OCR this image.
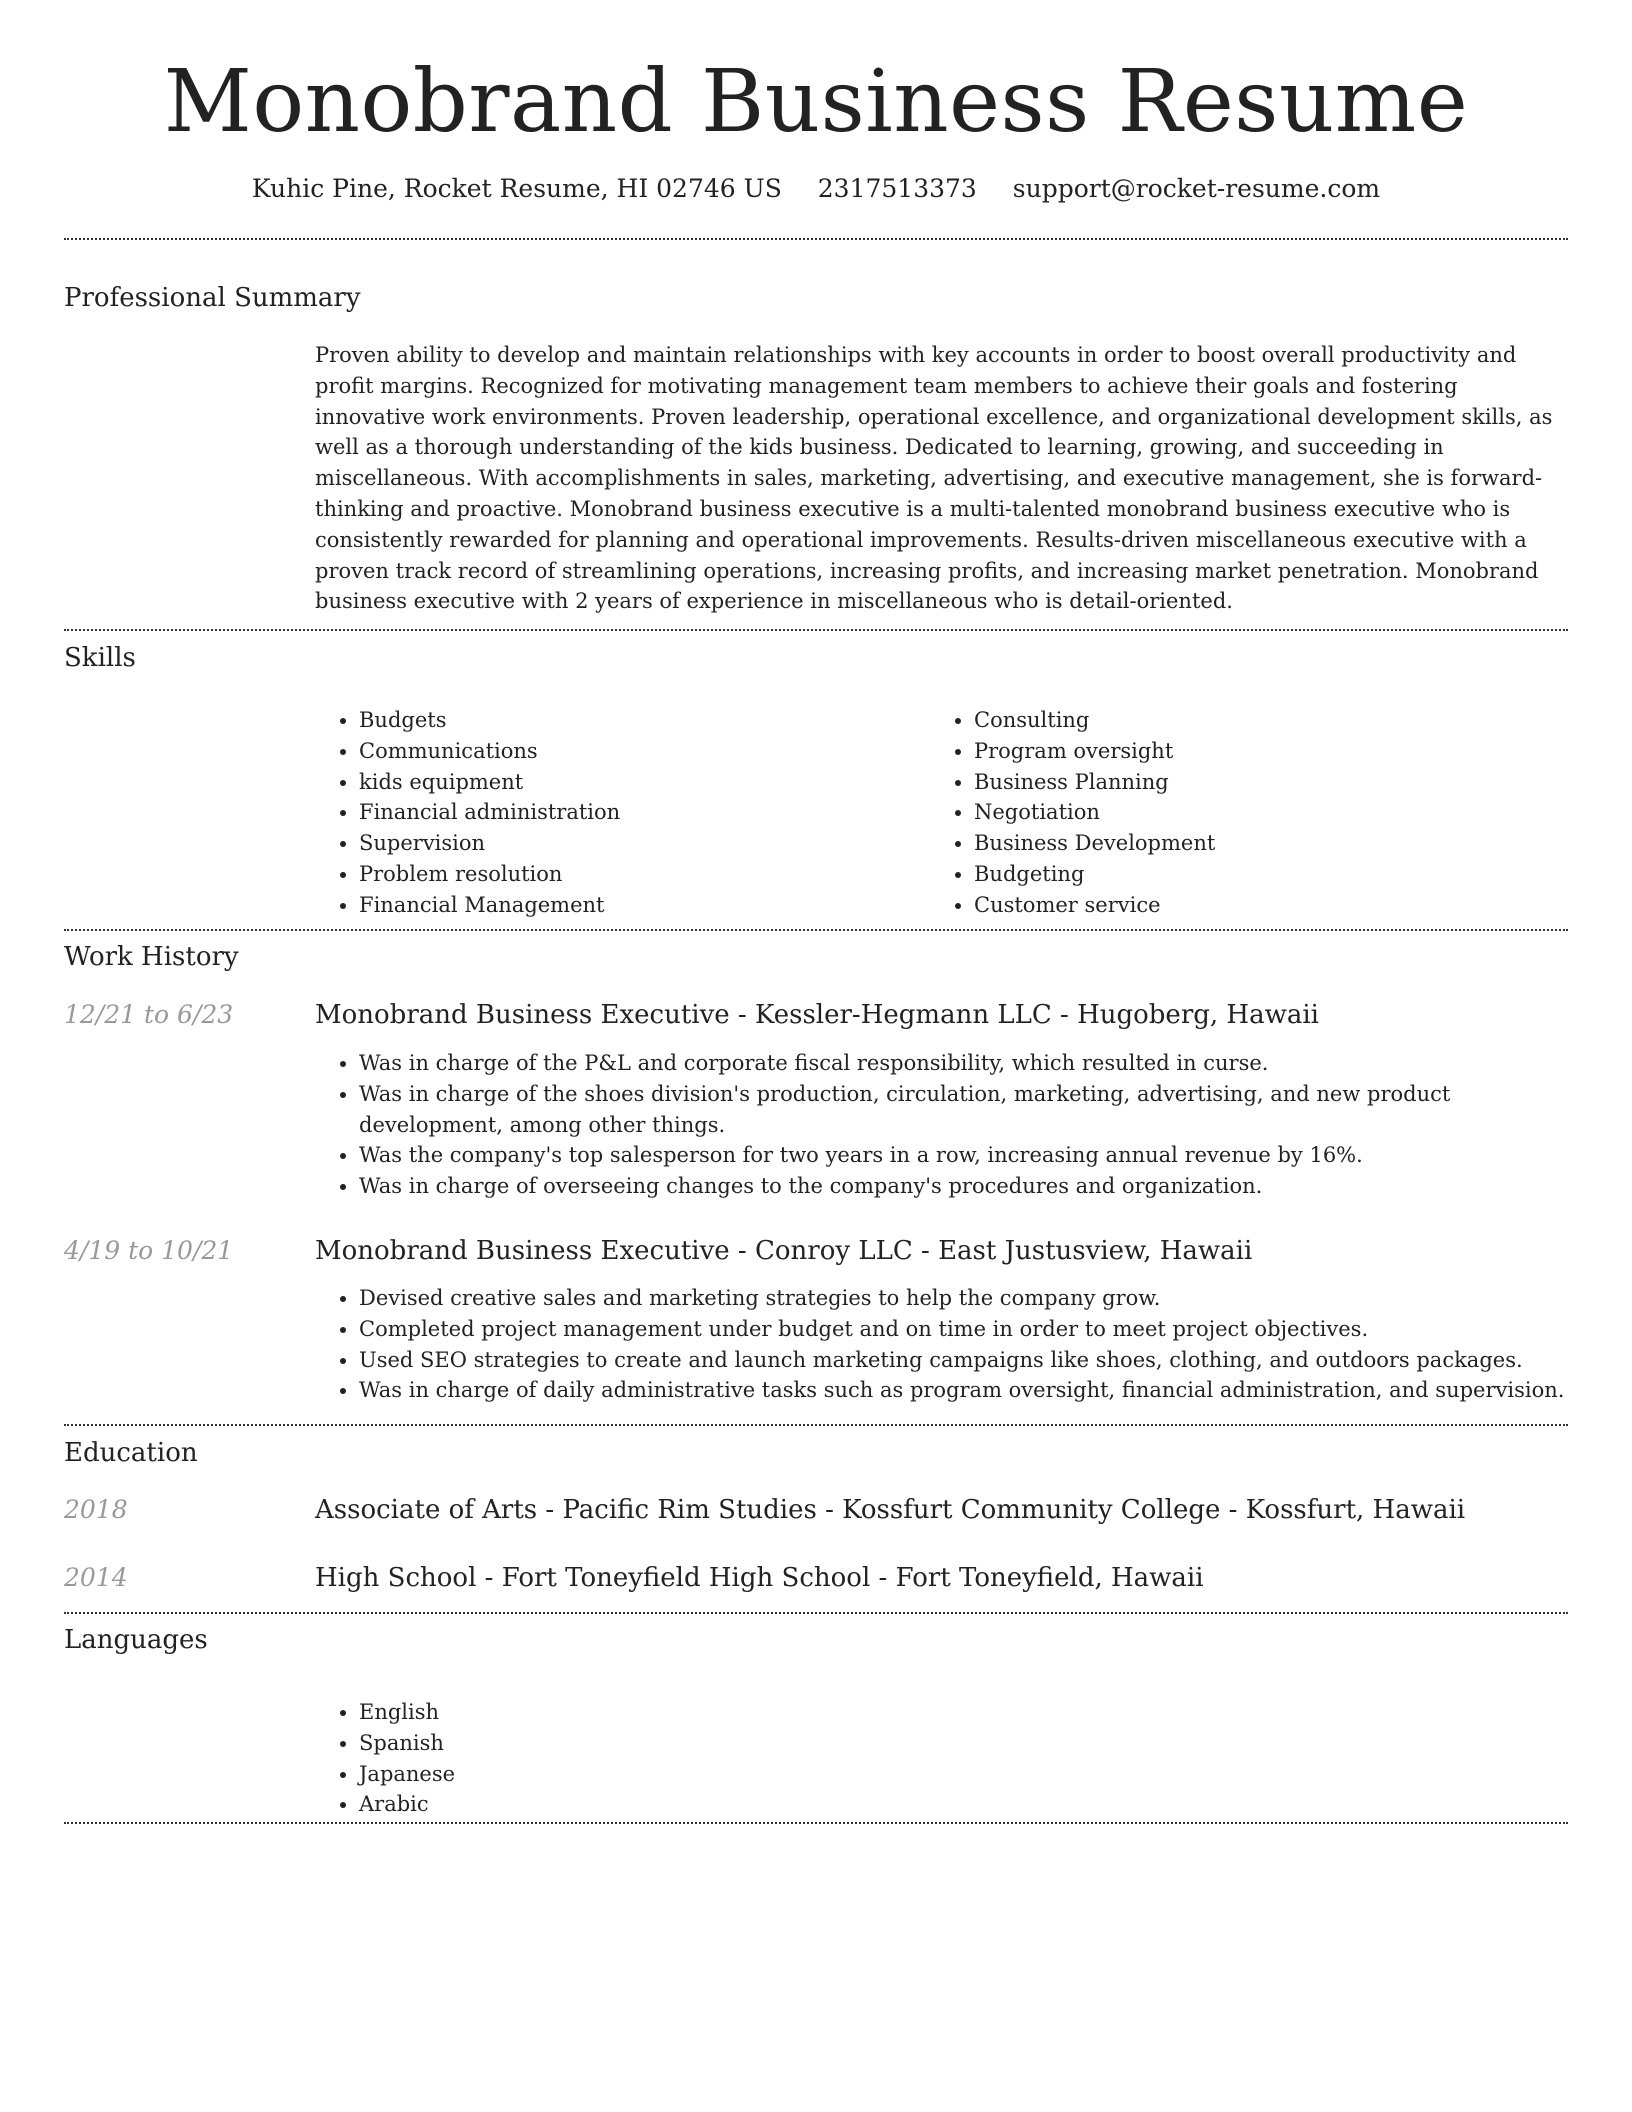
Monobrand Business Resume
Kuhic Pine, Rocket Resume, HI 02746 US 2317513373 support@rocket-resume.com
Professional Summary

Proven ability to develop and maintain relationships with key accounts in order to boost overall productivity and profit margins. Recognized for motivating management team members to achieve their goals and fostering innovative work environments. Proven leadership, operational excellence, and organizational development skills, as well as a thorough understanding of the kids business. Dedicated to learning, growing, and succeeding in miscellaneous. With accomplishments in sales, marketing, advertising, and executive management, she is forward-thinking and proactive. Monobrand business executive is a multi-talented monobrand business executive who is consistently rewarded for planning and operational improvements. Results-driven miscellaneous executive with a proven track record of streamlining operations, increasing profits, and increasing market penetration. Monobrand business executive with 2 years of experience in miscellaneous who is detail-oriented.

Skills
• Budgets
• Communications
• kids equipment
• Financial administration
• Supervision
• Problem resolution
• Financial Management
• Consulting
• Program oversight
• Business Planning
• Negotiation
• Business Development
• Budgeting
• Customer service
Work History
12/21 to 6/23	Monobrand Business Executive - Kessler-Hegmann LLC - Hugoberg, Hawaii
• Was in charge of the P&L and corporate fiscal responsibility, which resulted in curse.
• Was in charge of the shoes division's production, circulation, marketing, advertising, and new product development, among other things.
• Was the company's top salesperson for two years in a row, increasing annual revenue by 16%.
• Was in charge of overseeing changes to the company's procedures and organization.
4/19 to 10/21	Monobrand Business Executive - Conroy LLC - East Justusview, Hawaii
• Devised creative sales and marketing strategies to help the company grow.
• Completed project management under budget and on time in order to meet project objectives.
• Used SEO strategies to create and launch marketing campaigns like shoes, clothing, and outdoors packages.
• Was in charge of daily administrative tasks such as program oversight, financial administration, and supervision.
Education
2018	Associate of Arts - Pacific Rim Studies - Kossfurt Community College - Kossfurt, Hawaii
2014	High School - Fort Toneyfield High School - Fort Toneyfield, Hawaii
Languages
• English
• Spanish
• Japanese
• Arabic
